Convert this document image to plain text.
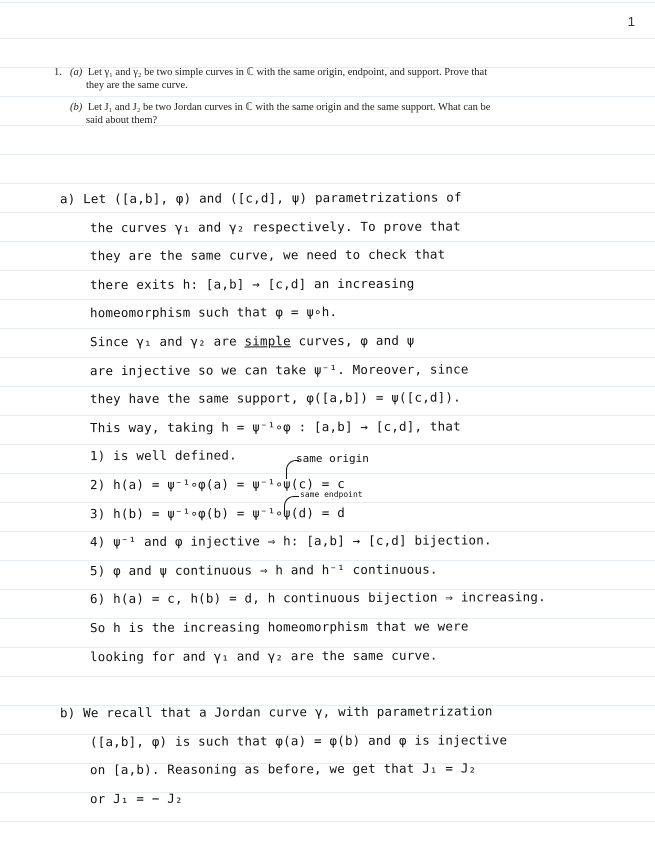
1
1. (a) Let γ₁ and γ₂ be two simple curves in ℂ with the same origin, endpoint, and support. Prove that
they are the same curve.
(b) Let J₁ and J₂ be two Jordan curves in ℂ with the same origin and the same support. What can be
said about them?
a) Let ([a,b], φ) and ([c,d], ψ) parametrizations of
the curves γ₁ and γ₂ respectively. To prove that
they are the same curve, we need to check that
there exits h: [a,b] → [c,d] an increasing
homeomorphism such that φ = ψ∘h.
Since γ₁ and γ₂ are simple curves, φ and ψ
are injective so we can take ψ⁻¹. Moreover, since
they have the same support, φ([a,b]) = ψ([c,d]).
This way, taking h = ψ⁻¹∘φ : [a,b] → [c,d], that
1) is well defined.
2) h(a) = ψ⁻¹∘φ(a) = ψ⁻¹∘ψ(c) = c
3) h(b) = ψ⁻¹∘φ(b) = ψ⁻¹∘ψ(d) = d
4) ψ⁻¹ and φ injective ⇒ h: [a,b] → [c,d] bijection.
5) φ and ψ continuous ⇒ h and h⁻¹ continuous.
6) h(a) = c, h(b) = d, h continuous bijection ⇒ increasing.
So h is the increasing homeomorphism that we were
looking for and γ₁ and γ₂ are the same curve.
b) We recall that a Jordan curve γ, with parametrization
([a,b], φ) is such that φ(a) = φ(b) and φ is injective
on [a,b). Reasoning as before, we get that J₁ = J₂
or J₁ = − J₂
same origin
same endpoint
